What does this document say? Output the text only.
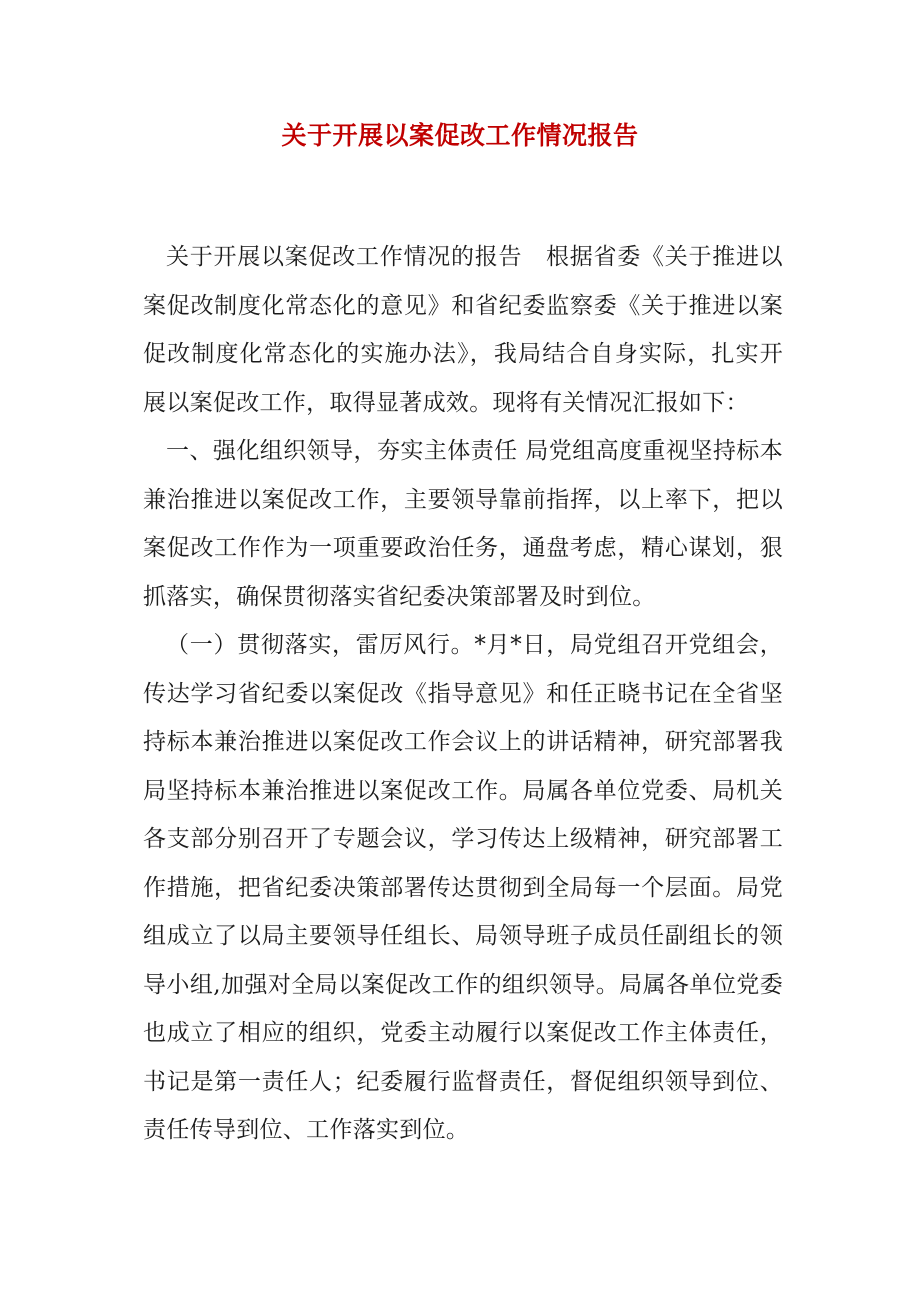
关于开展以案促改工作情况报告

关于开展以案促改工作情况的报告　根据省委《关于推进以案促改制度化常态化的意见》和省纪委监察委《关于推进以案促改制度化常态化的实施办法》，我局结合自身实际，扎实开展以案促改工作，取得显著成效。现将有关情况汇报如下：

一、强化组织领导，夯实主体责任 局党组高度重视坚持标本兼治推进以案促改工作，主要领导靠前指挥，以上率下，把以案促改工作作为一项重要政治任务，通盘考虑，精心谋划，狠抓落实，确保贯彻落实省纪委决策部署及时到位。

（一）贯彻落实，雷厉风行。*月*日，局党组召开党组会，传达学习省纪委以案促改《指导意见》和任正晓书记在全省坚持标本兼治推进以案促改工作会议上的讲话精神，研究部署我局坚持标本兼治推进以案促改工作。局属各单位党委、局机关各支部分别召开了专题会议，学习传达上级精神，研究部署工作措施，把省纪委决策部署传达贯彻到全局每一个层面。局党组成立了以局主要领导任组长、局领导班子成员任副组长的领导小组,加强对全局以案促改工作的组织领导。局属各单位党委也成立了相应的组织，党委主动履行以案促改工作主体责任，书记是第一责任人；纪委履行监督责任，督促组织领导到位、责任传导到位、工作落实到位。
